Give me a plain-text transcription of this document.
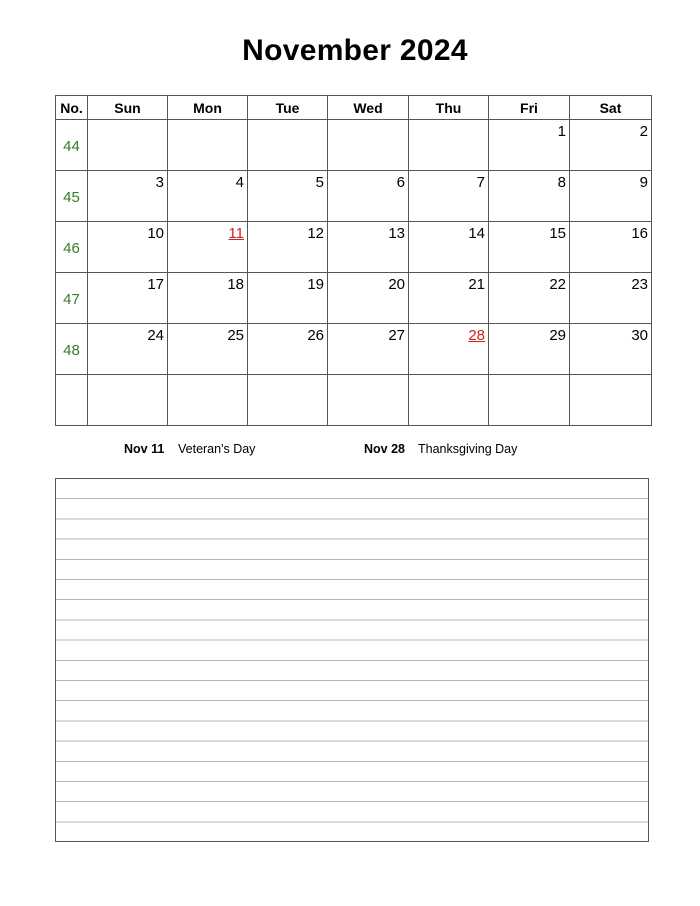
November 2024
No.	Sun	Mon	Tue	Wed	Thu	Fri	Sat
44						1	2
45	3	4	5	6	7	8	9
46	10	11	12	13	14	15	16
47	17	18	19	20	21	22	23
48	24	25	26	27	28	29	30

Nov 11 Veteran's Day	Nov 28 Thanksgiving Day
